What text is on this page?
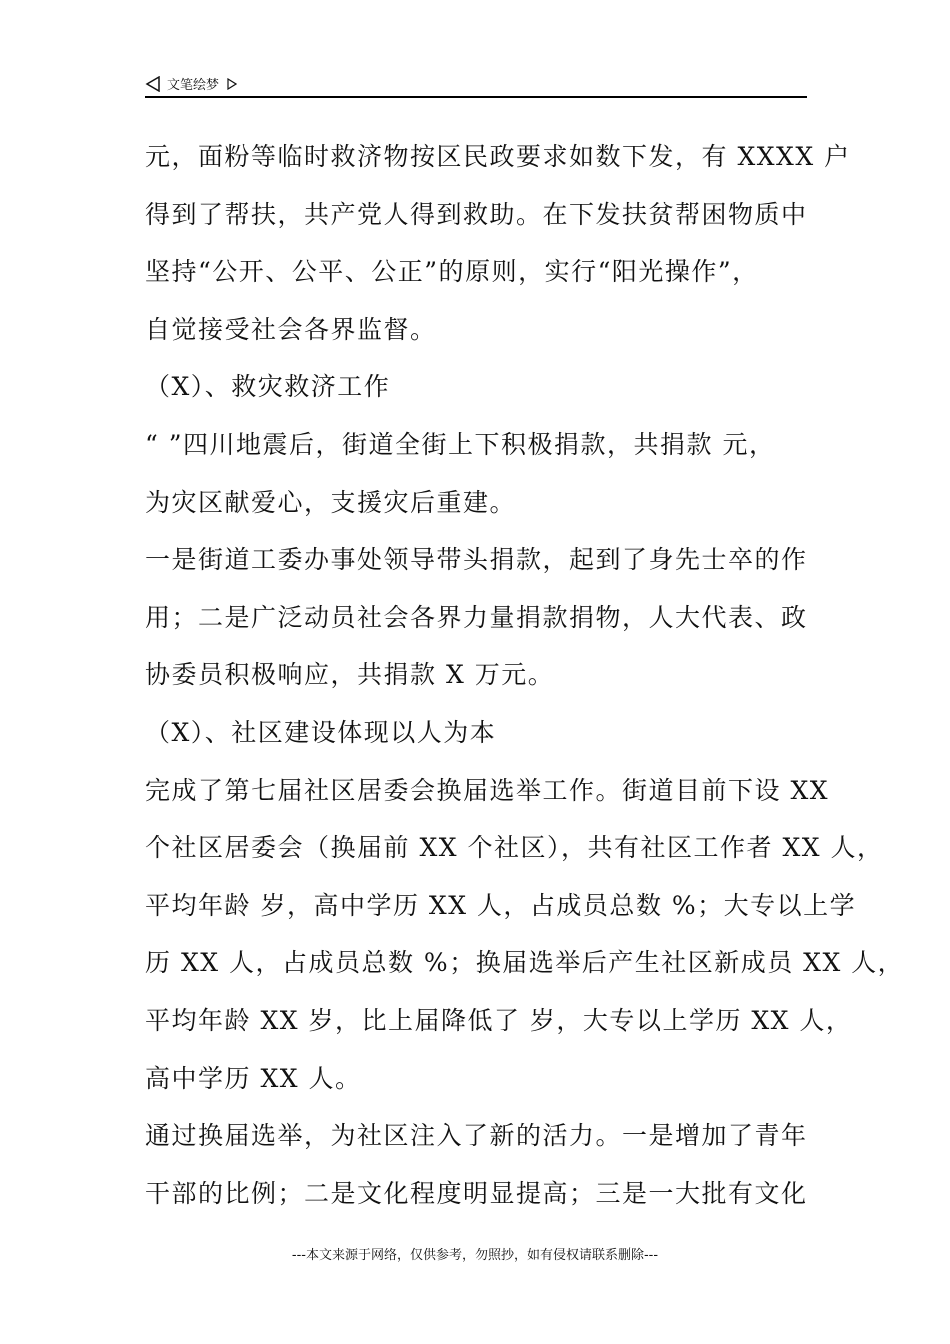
文笔绘梦
元，面粉等临时救济物按区民政要求如数下发，有 XXXX 户
得到了帮扶，共产党人得到救助。在下发扶贫帮困物质中
坚持“公开、公平、公正”的原则，实行“阳光操作”，
自觉接受社会各界监督。
（X）、救灾救济工作
“ ”四川地震后，街道全街上下积极捐款，共捐款 元，
为灾区献爱心，支援灾后重建。
一是街道工委办事处领导带头捐款，起到了身先士卒的作
用；二是广泛动员社会各界力量捐款捐物，人大代表、政
协委员积极响应，共捐款 X 万元。
（X）、社区建设体现以人为本
完成了第七届社区居委会换届选举工作。街道目前下设 XX
个社区居委会（换届前 XX 个社区），共有社区工作者 XX 人，
平均年龄 岁，高中学历 XX 人，占成员总数 %；大专以上学
历 XX 人，占成员总数 %；换届选举后产生社区新成员 XX 人，
平均年龄 XX 岁，比上届降低了 岁，大专以上学历 XX 人，
高中学历 XX 人。
通过换届选举，为社区注入了新的活力。一是增加了青年
干部的比例；二是文化程度明显提高；三是一大批有文化
---本文来源于网络，仅供参考，勿照抄，如有侵权请联系删除---
